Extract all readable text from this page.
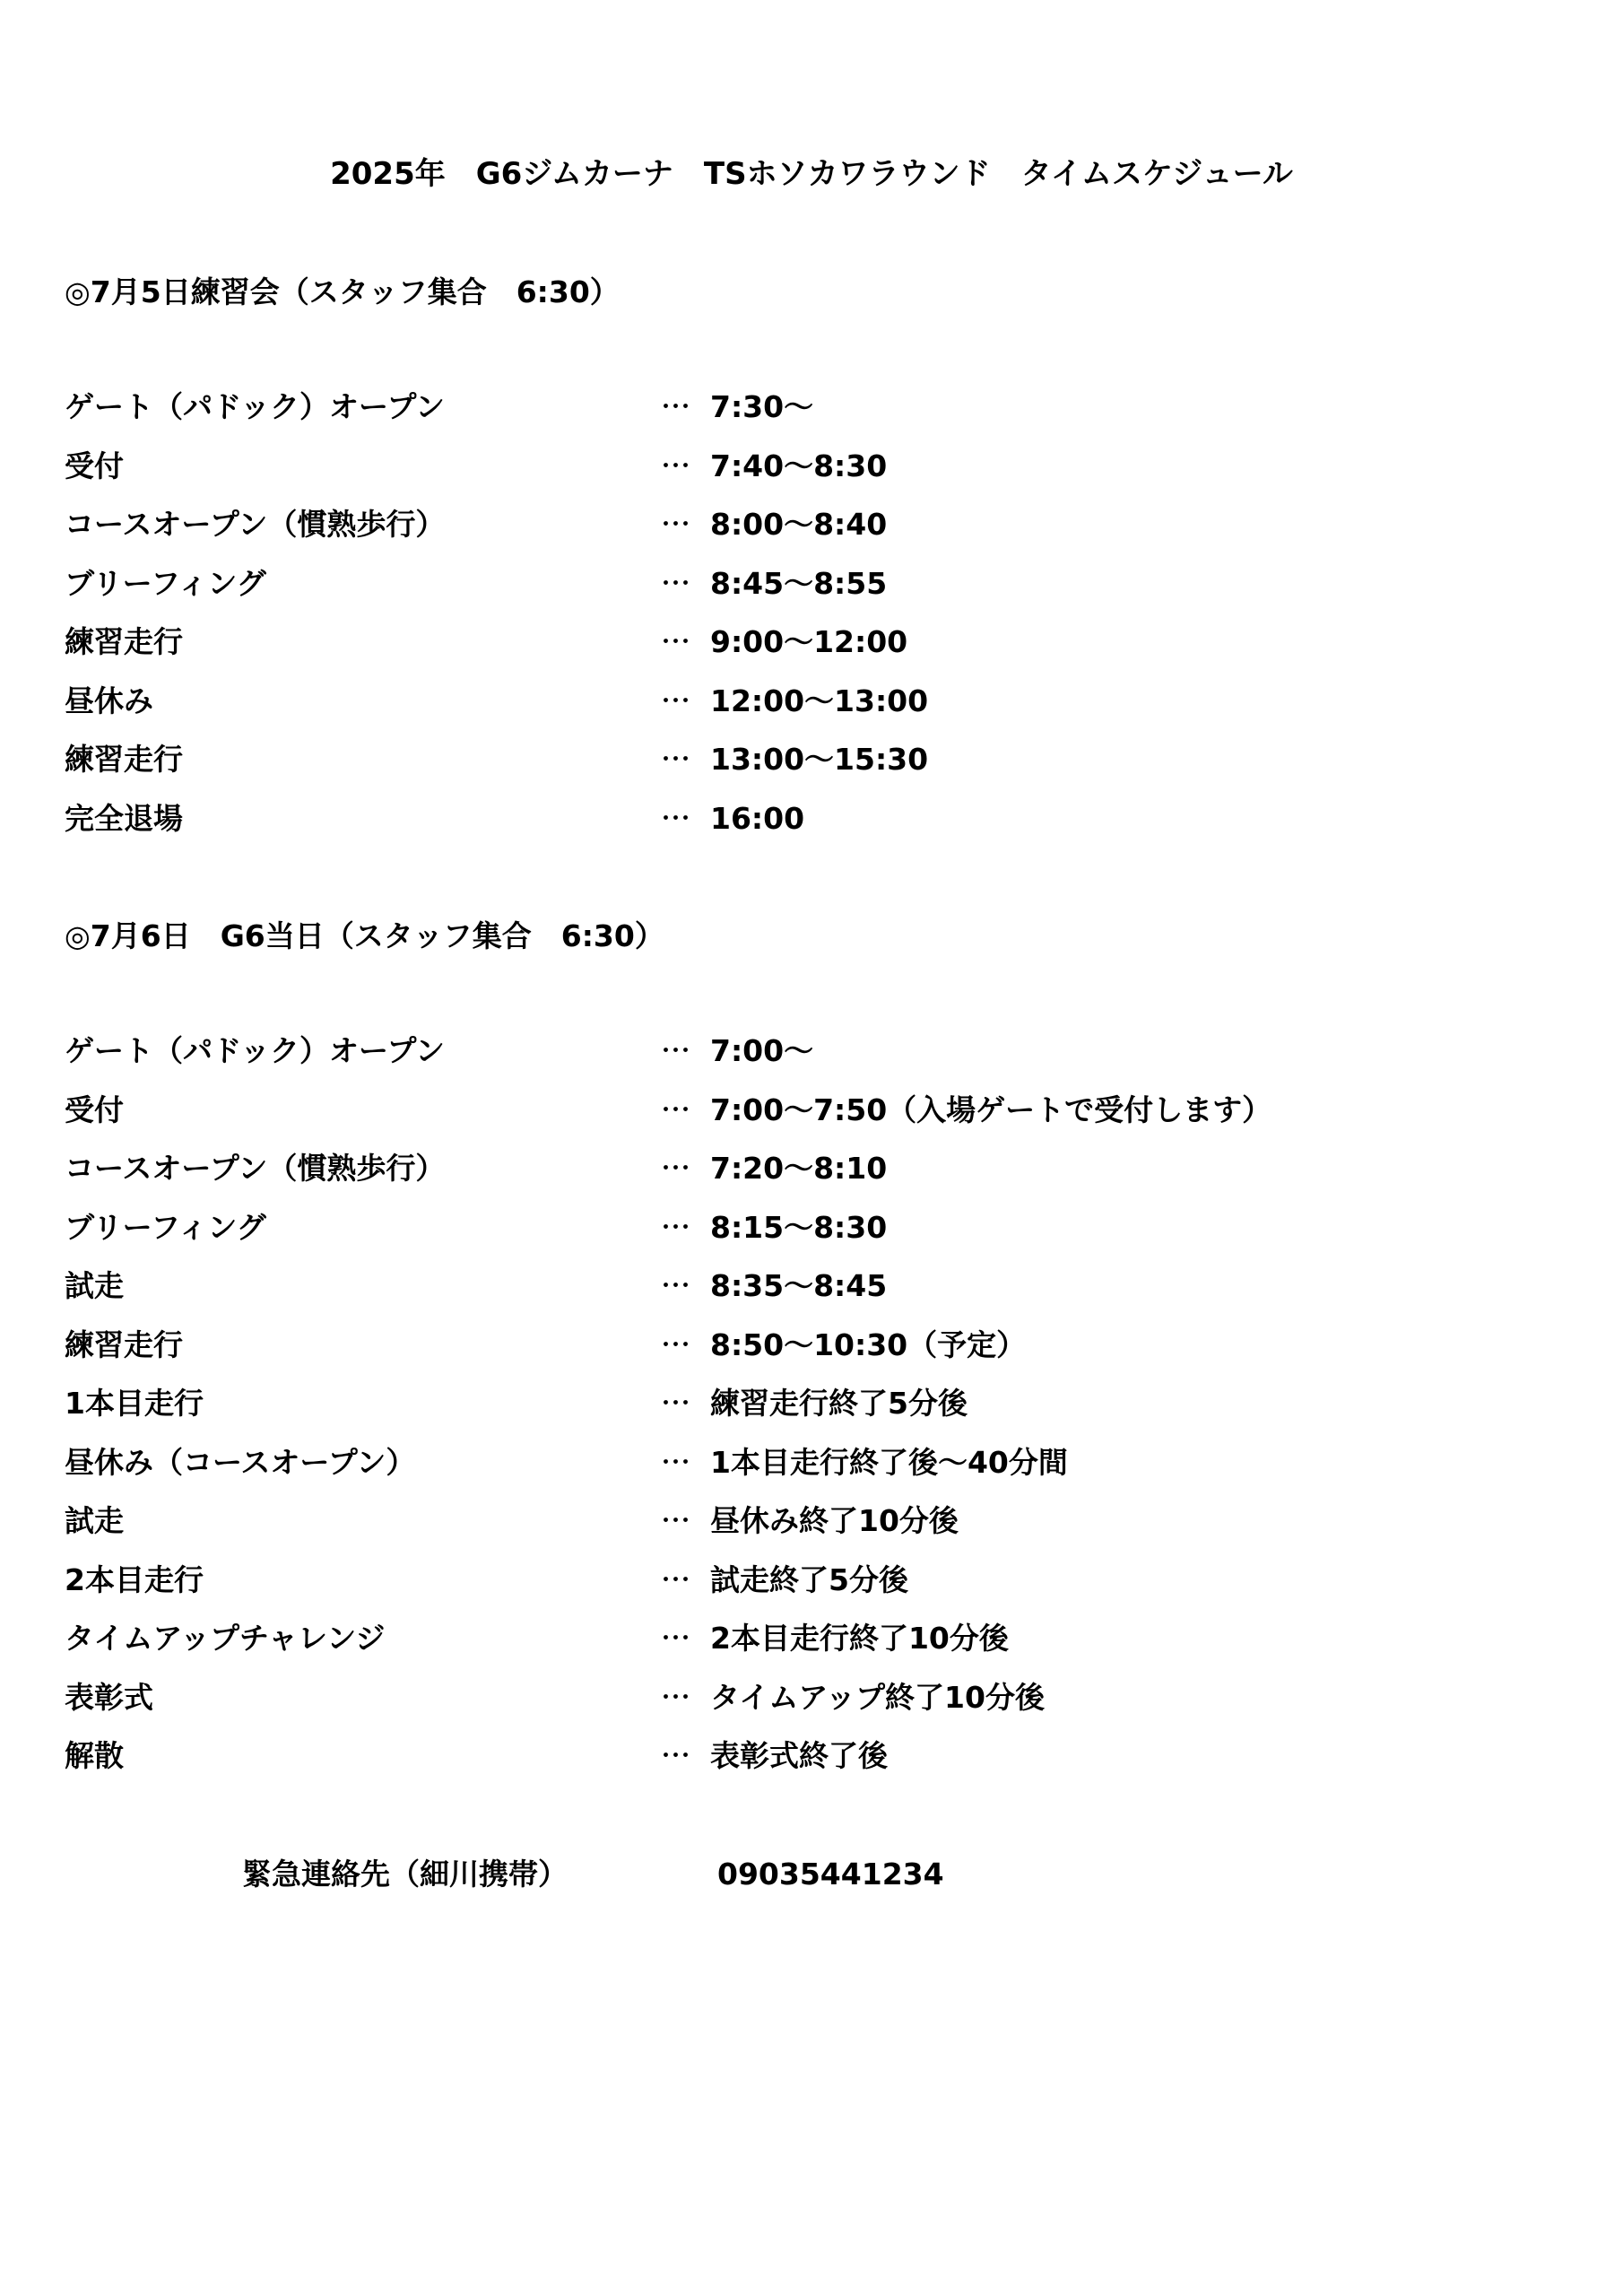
2025年　G6ジムカーナ　TSホソカワラウンド　タイムスケジュール
◎7月5日練習会（スタッフ集合　6:30）
ゲート（パドック）オープン	･･･ 7:30～
受付	･･･ 7:40～8:30
コースオープン（慣熟歩行）	･･･ 8:00～8:40
ブリーフィング	･･･ 8:45～8:55
練習走行	･･･ 9:00～12:00
昼休み	･･･ 12:00～13:00
練習走行	･･･ 13:00～15:30
完全退場	･･･ 16:00
◎7月6日　G6当日（スタッフ集合　6:30）
ゲート（パドック）オープン	･･･ 7:00～
受付	･･･ 7:00～7:50（入場ゲートで受付します）
コースオープン（慣熟歩行）	･･･ 7:20～8:10
ブリーフィング	･･･ 8:15～8:30
試走	･･･ 8:35～8:45
練習走行	･･･ 8:50～10:30（予定）
1本目走行	･･･ 練習走行終了5分後
昼休み（コースオープン）	･･･ 1本目走行終了後～40分間
試走	･･･ 昼休み終了10分後
2本目走行	･･･ 試走終了5分後
タイムアップチャレンジ	･･･ 2本目走行終了10分後
表彰式	･･･ タイムアップ終了10分後
解散	･･･ 表彰式終了後
緊急連絡先（細川携帯）	09035441234
